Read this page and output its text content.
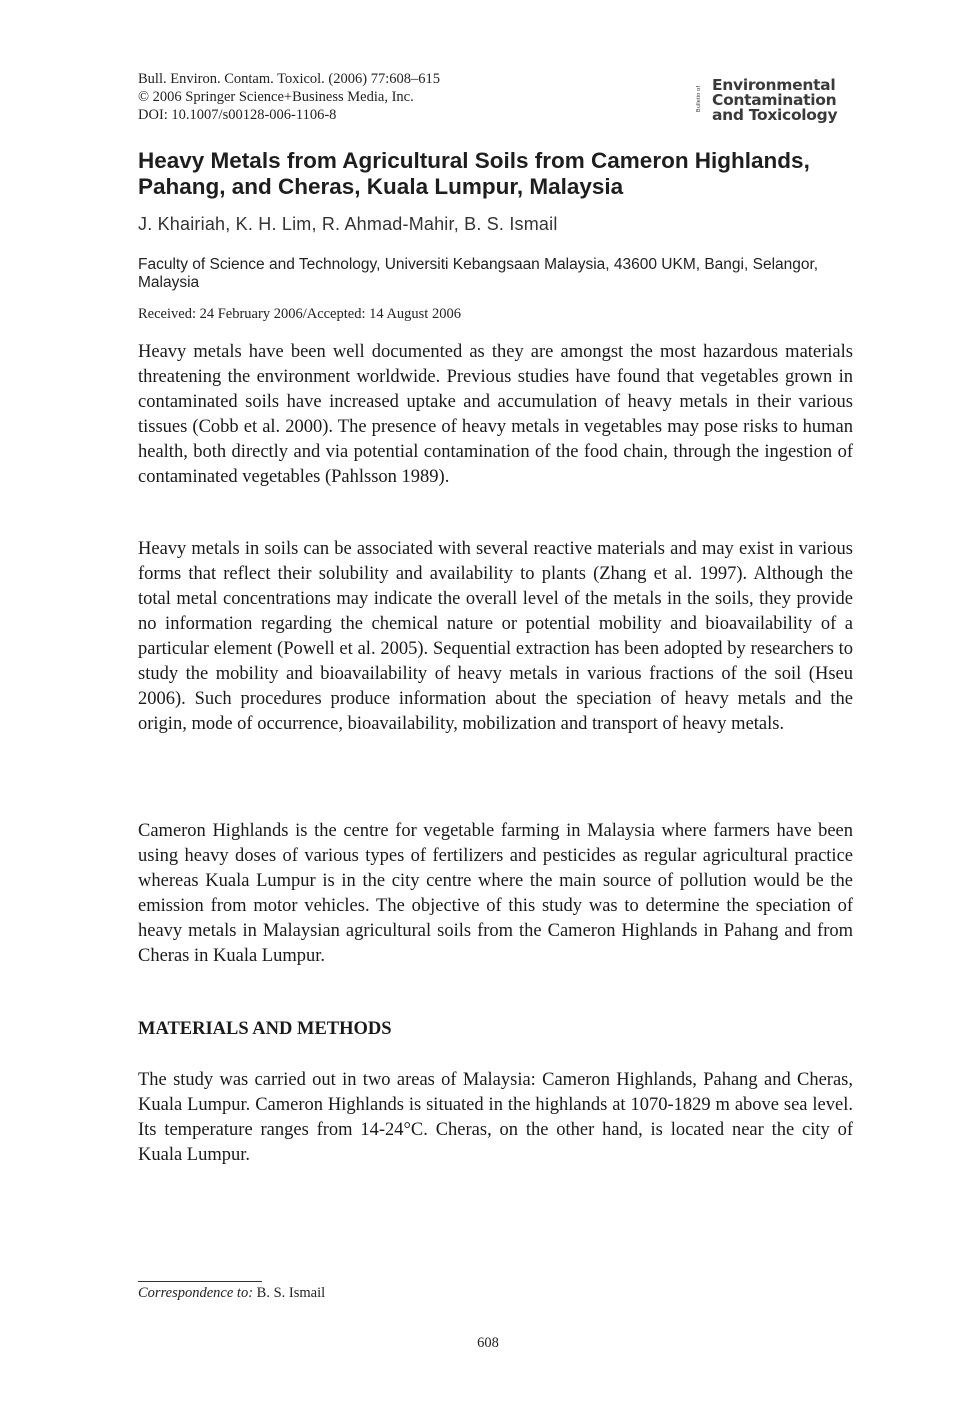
Bull. Environ. Contam. Toxicol. (2006) 77:608–615
© 2006 Springer Science+Business Media, Inc.
DOI: 10.1007/s00128-006-1106-8
Bulletin of
Environmental
Contamination
and Toxicology
Heavy Metals from Agricultural Soils from Cameron Highlands, Pahang, and Cheras, Kuala Lumpur, Malaysia
J. Khairiah, K. H. Lim, R. Ahmad-Mahir, B. S. Ismail
Faculty of Science and Technology, Universiti Kebangsaan Malaysia, 43600 UKM, Bangi, Selangor, Malaysia
Received: 24 February 2006/Accepted: 14 August 2006
Heavy metals have been well documented as they are amongst the most hazardous materials threatening the environment worldwide. Previous studies have found that vegetables grown in contaminated soils have increased uptake and accumulation of heavy metals in their various tissues (Cobb et al. 2000). The presence of heavy metals in vegetables may pose risks to human health, both directly and via potential contamination of the food chain, through the ingestion of contaminated vegetables (Pahlsson 1989).
Heavy metals in soils can be associated with several reactive materials and may exist in various forms that reflect their solubility and availability to plants (Zhang et al. 1997). Although the total metal concentrations may indicate the overall level of the metals in the soils, they provide no information regarding the chemical nature or potential mobility and bioavailability of a particular element (Powell et al. 2005). Sequential extraction has been adopted by researchers to study the mobility and bioavailability of heavy metals in various fractions of the soil (Hseu 2006). Such procedures produce information about the speciation of heavy metals and the origin, mode of occurrence, bioavailability, mobilization and transport of heavy metals.
Cameron Highlands is the centre for vegetable farming in Malaysia where farmers have been using heavy doses of various types of fertilizers and pesticides as regular agricultural practice whereas Kuala Lumpur is in the city centre where the main source of pollution would be the emission from motor vehicles. The objective of this study was to determine the speciation of heavy metals in Malaysian agricultural soils from the Cameron Highlands in Pahang and from Cheras in Kuala Lumpur.
MATERIALS AND METHODS
The study was carried out in two areas of Malaysia: Cameron Highlands, Pahang and Cheras, Kuala Lumpur. Cameron Highlands is situated in the highlands at 1070-1829 m above sea level. Its temperature ranges from 14-24°C. Cheras, on the other hand, is located near the city of Kuala Lumpur.
Correspondence to: B. S. Ismail
608
